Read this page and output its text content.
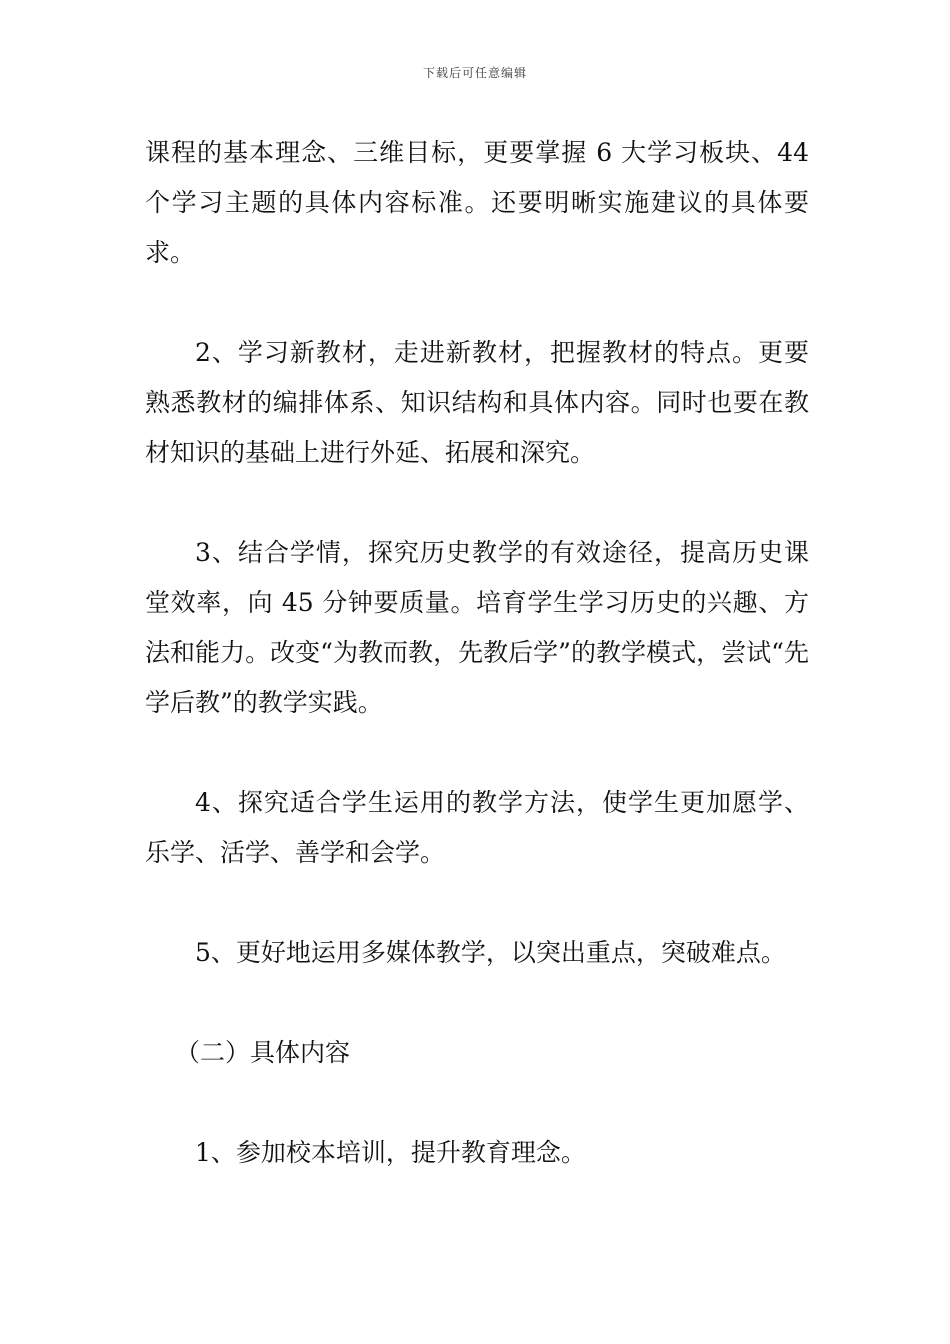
下载后可任意编辑

课程的基本理念、三维目标，更要掌握 6 大学习板块、44 个学习主题的具体内容标准。还要明晰实施建议的具体要求。

2、学习新教材，走进新教材，把握教材的特点。更要熟悉教材的编排体系、知识结构和具体内容。同时也要在教材知识的基础上进行外延、拓展和深究。

3、结合学情，探究历史教学的有效途径，提高历史课堂效率，向 45 分钟要质量。培育学生学习历史的兴趣、方法和能力。改变“为教而教，先教后学”的教学模式，尝试“先学后教”的教学实践。

4、探究适合学生运用的教学方法，使学生更加愿学、乐学、活学、善学和会学。

5、更好地运用多媒体教学，以突出重点，突破难点。

（二）具体内容

1、参加校本培训，提升教育理念。
